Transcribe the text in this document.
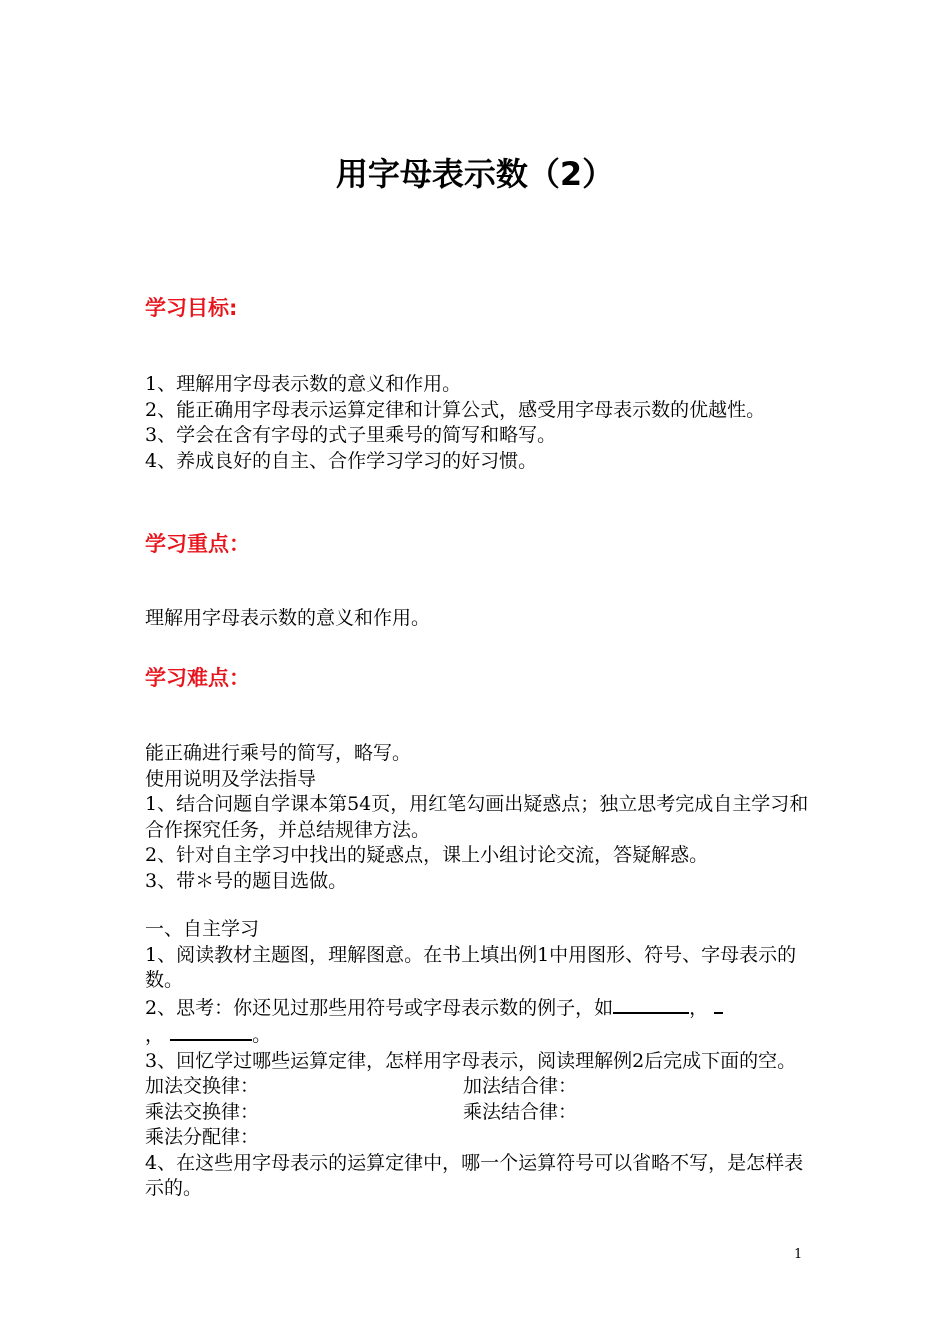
用字母表示数（2）
学习目标:

1、理解用字母表示数的意义和作用。

2、能正确用字母表示运算定律和计算公式，感受用字母表示数的优越性。

3、学会在含有字母的式子里乘号的简写和略写。

4、养成良好的自主、合作学习学习的好习惯。

学习重点：

理解用字母表示数的意义和作用。

学习难点：

能正确进行乘号的简写，略写。

使用说明及学法指导

1、结合问题自学课本第54页，用红笔勾画出疑惑点；独立思考完成自主学习和合作探究任务，并总结规律方法。

2、针对自主学习中找出的疑惑点，课上小组讨论交流，答疑解惑。

3、带＊号的题目选做。

一、自主学习

1、阅读教材主题图，理解图意。在书上填出例1中用图形、符号、字母表示的数。

2、思考：你还见过那些用符号或字母表示数的例子，如	，
，	。

3、回忆学过哪些运算定律，怎样用字母表示，阅读理解例2后完成下面的空。

加法交换律：	加法结合律：
乘法交换律：	乘法结合律：
乘法分配律：

4、在这些用字母表示的运算定律中，哪一个运算符号可以省略不写，是怎样表示的。

1
